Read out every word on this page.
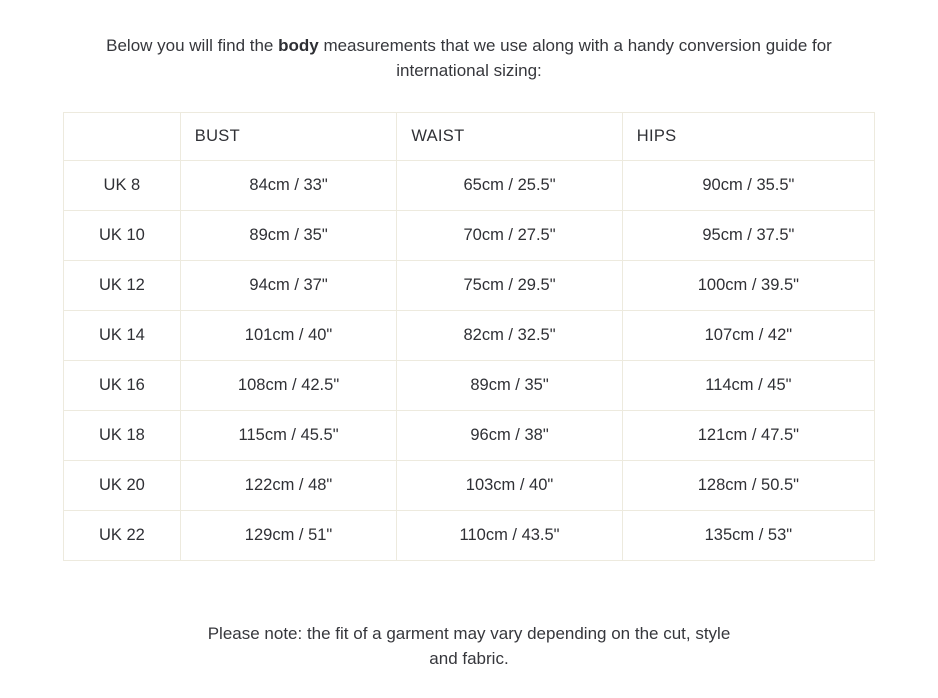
Below you will find the body measurements that we use along with a handy conversion guide for international sizing:

	BUST	WAIST	HIPS
UK 8	84cm / 33"	65cm / 25.5"	90cm / 35.5"
UK 10	89cm / 35"	70cm / 27.5"	95cm / 37.5"
UK 12	94cm / 37"	75cm / 29.5"	100cm / 39.5"
UK 14	101cm / 40"	82cm / 32.5"	107cm / 42"
UK 16	108cm / 42.5"	89cm / 35"	114cm / 45"
UK 18	115cm / 45.5"	96cm / 38"	121cm / 47.5"
UK 20	122cm / 48"	103cm / 40"	128cm / 50.5"
UK 22	129cm / 51"	110cm / 43.5"	135cm / 53"

Please note: the fit of a garment may vary depending on the cut, style and fabric.
